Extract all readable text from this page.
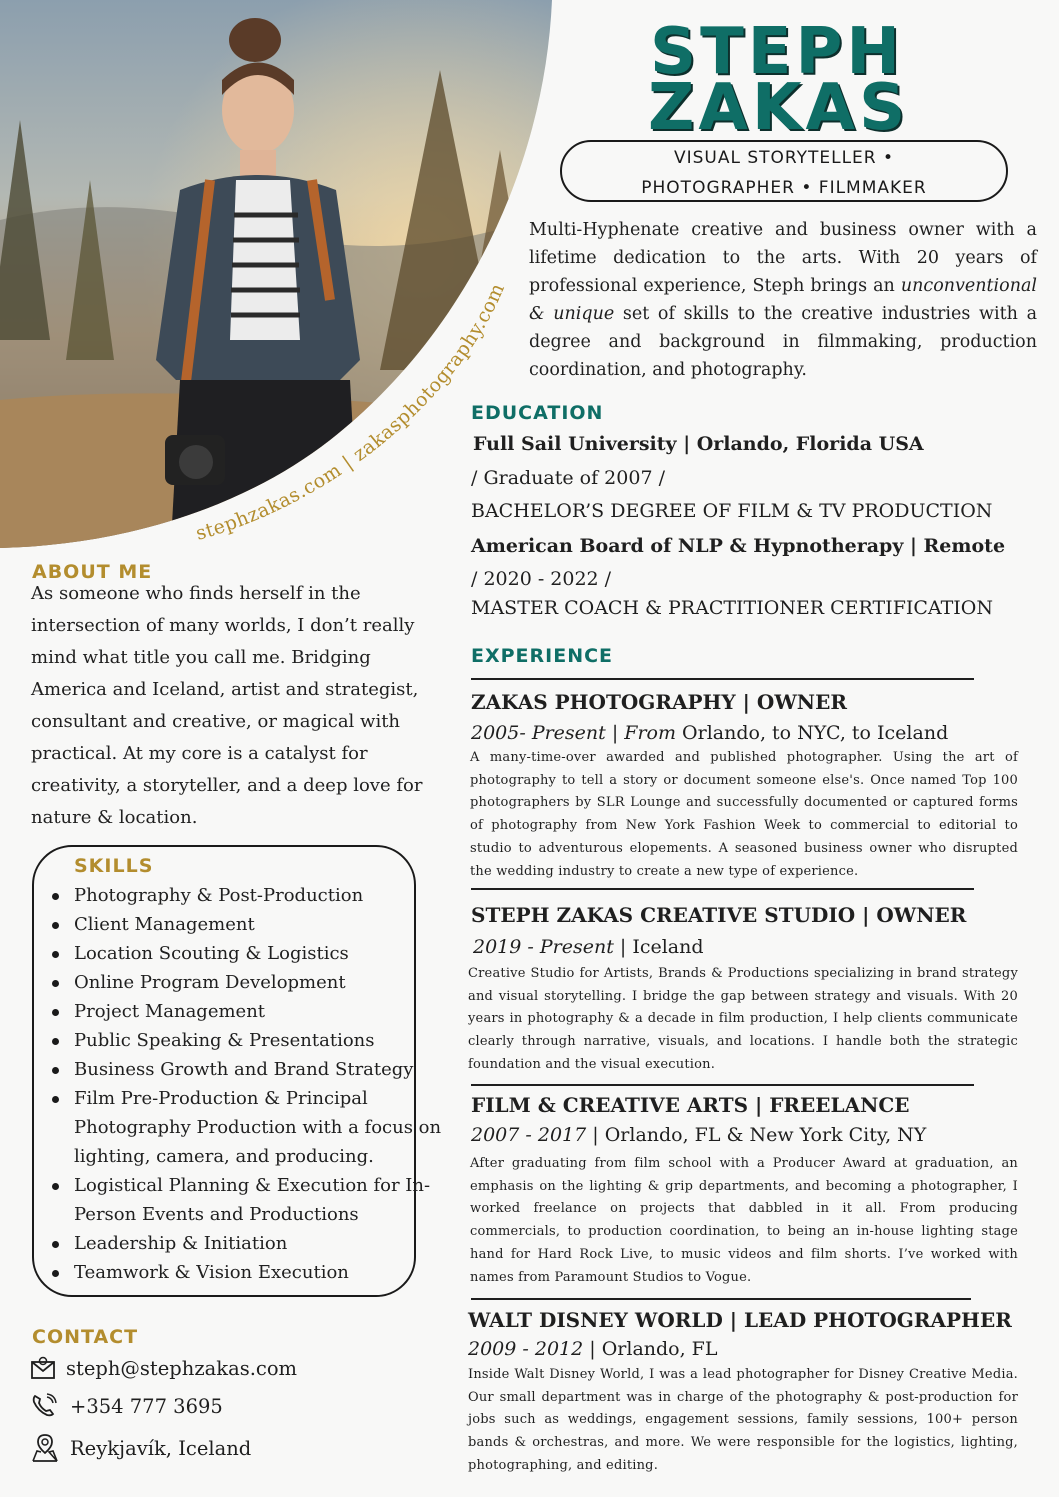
stephzakas.com | zakasphotography.com
STEPH
ZAKAS
VISUAL STORYTELLER •
PHOTOGRAPHER • FILMMAKER
Multi-Hyphenate creative and business owner with a lifetime dedication to the arts. With 20 years of professional experience, Steph brings an unconventional & unique set of skills to the creative industries with a degree and background in filmmaking, production coordination, and photography.
EDUCATION
Full Sail University | Orlando, Florida USA
/ Graduate of 2007 /
BACHELOR’S DEGREE OF FILM & TV PRODUCTION
American Board of NLP & Hypnotherapy | Remote
/ 2020 - 2022 /
MASTER COACH & PRACTITIONER CERTIFICATION
EXPERIENCE
ZAKAS PHOTOGRAPHY | OWNER
2005- Present | From Orlando, to NYC, to Iceland
A many-time-over awarded and published photographer. Using the art of photography to tell a story or document someone else's. Once named Top 100 photographers by SLR Lounge and successfully documented or captured forms of photography from New York Fashion Week to commercial to editorial to studio to adventurous elopements. A seasoned business owner who disrupted the wedding industry to create a new type of experience.
STEPH ZAKAS CREATIVE STUDIO | OWNER
2019 - Present | Iceland
Creative Studio for Artists, Brands & Productions specializing in brand strategy and visual storytelling. I bridge the gap between strategy and visuals. With 20 years in photography & a decade in film production, I help clients communicate clearly through narrative, visuals, and locations. I handle both the strategic foundation and the visual execution.
FILM & CREATIVE ARTS | FREELANCE
2007 - 2017 | Orlando, FL & New York City, NY
After graduating from film school with a Producer Award at graduation, an emphasis on the lighting & grip departments, and becoming a photographer, I worked freelance on projects that dabbled in it all. From producing commercials, to production coordination, to being an in-house lighting stage hand for Hard Rock Live, to music videos and film shorts. I’ve worked with names from Paramount Studios to Vogue.
WALT DISNEY WORLD | LEAD PHOTOGRAPHER
2009 - 2012 | Orlando, FL
Inside Walt Disney World, I was a lead photographer for Disney Creative Media. Our small department was in charge of the photography & post-production for jobs such as weddings, engagement sessions, family sessions, 100+ person bands & orchestras, and more. We were responsible for the logistics, lighting, photographing, and editing.
ABOUT ME
As someone who finds herself in the intersection of many worlds, I don’t really mind what title you call me. Bridging America and Iceland, artist and strategist, consultant and creative, or magical with practical. At my core is a catalyst for creativity, a storyteller, and a deep love for nature & location.
SKILLS
Photography & Post-Production
Client Management
Location Scouting & Logistics
Online Program Development
Project Management
Public Speaking & Presentations
Business Growth and Brand Strategy
Film Pre-Production & Principal Photography Production with a focus on lighting, camera, and producing.
Logistical Planning & Execution for In-Person Events and Productions
Leadership & Initiation
Teamwork & Vision Execution
CONTACT
steph@stephzakas.com
+354 777 3695
Reykjavík, Iceland
